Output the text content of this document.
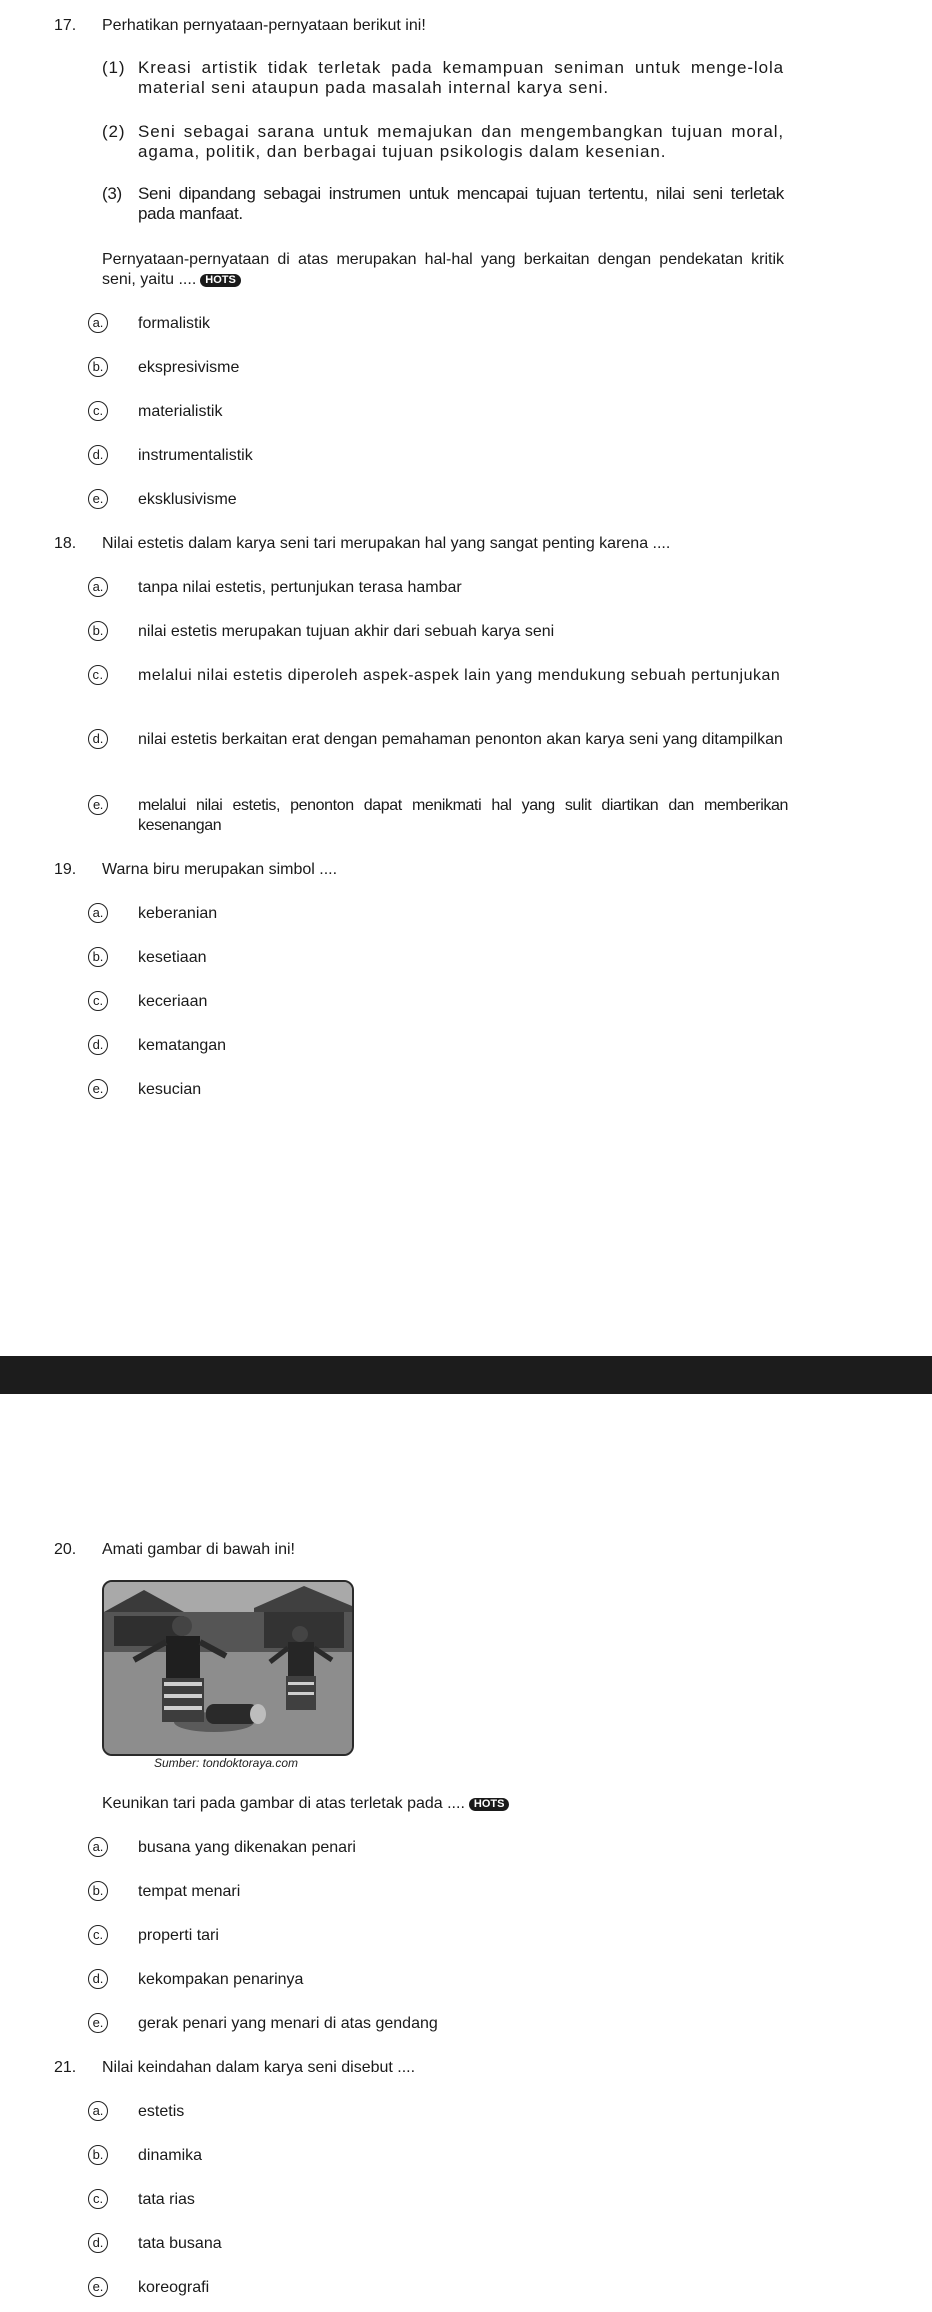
17. Perhatikan pernyataan-pernyataan berikut ini!
(1) Kreasi artistik tidak terletak pada kemampuan seniman untuk menge-lola material seni ataupun pada masalah internal karya seni.
(2) Seni sebagai sarana untuk memajukan dan mengembangkan tujuan moral, agama, politik, dan berbagai tujuan psikologis dalam kesenian.
(3) Seni dipandang sebagai instrumen untuk mencapai tujuan tertentu, nilai seni terletak pada manfaat.
Pernyataan-pernyataan di atas merupakan hal-hal yang berkaitan dengan pendekatan kritik seni, yaitu .... HOTS
a.	formalistik
b.	ekspresivisme
c.	materialistik
d.	instrumentalistik
e.	eksklusivisme
18. Nilai estetis dalam karya seni tari merupakan hal yang sangat penting karena ....
a.	tanpa nilai estetis, pertunjukan terasa hambar
b.	nilai estetis merupakan tujuan akhir dari sebuah karya seni
c.	melalui nilai estetis diperoleh aspek-aspek lain yang mendukung sebuah pertunjukan
d.	nilai estetis berkaitan erat dengan pemahaman penonton akan karya seni yang ditampilkan
e.	melalui nilai estetis, penonton dapat menikmati hal yang sulit diartikan dan memberikan kesenangan
19. Warna biru merupakan simbol ....
a.	keberanian
b.	kesetiaan
c.	keceriaan
d.	kematangan
e.	kesucian
20. Amati gambar di bawah ini!
Sumber: tondoktoraya.com
Keunikan tari pada gambar di atas terletak pada .... HOTS
a.	busana yang dikenakan penari
b.	tempat menari
c.	properti tari
d.	kekompakan penarinya
e.	gerak penari yang menari di atas gendang
21. Nilai keindahan dalam karya seni disebut ....
a.	estetis
b.	dinamika
c.	tata rias
d.	tata busana
e.	koreografi
